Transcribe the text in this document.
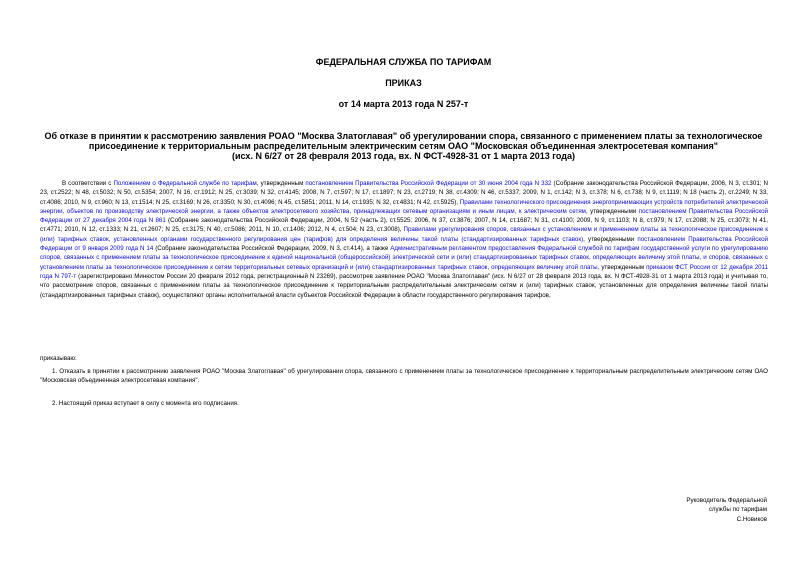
ФЕДЕРАЛЬНАЯ СЛУЖБА ПО ТАРИФАМ
ПРИКАЗ
от 14 марта 2013 года N 257-т
Об отказе в принятии к рассмотрению заявления РОАО "Москва Златоглавая" об урегулировании спора, связанного с применением платы за технологическое
присоединение к территориальным распределительным электрическим сетям ОАО "Московская объединенная электросетевая компания"
(исх. N 6/27 от 28 февраля 2013 года, вх. N ФСТ-4928-31 от 1 марта 2013 года)
В соответствии с Положением о Федеральной службе по тарифам, утвержденным постановлением Правительства Российской Федерации от 30 июня 2004 года N 332 (Собрание законодательства Российской Федерации, 2006, N 3, ст.301; N 23, ст.2522; N 48, ст.5032; N 50, ст.5354; 2007, N 16, ст.1912; N 25, ст.3039; N 32, ст.4145; 2008, N 7, ст.597; N 17, ст.1897; N 23, ст.2719; N 38, ст.4309; N 46, ст.5337; 2009, N 1, ст.142; N 3, ст.378; N 6, ст.738; N 9, ст.1119; N 18 (часть 2), ст.2249; N 33, ст.4086; 2010, N 9, ст.960; N 13, ст.1514; N 25, ст.3169; N 26, ст.3350; N 30, ст.4096; N 45, ст.5851; 2011, N 14, ст.1935; N 32, ст.4831; N 42, ст.5925), Правилами технологического присоединения энергопринимающих устройств потребителей электрической энергии, объектов по производству электрической энергии, а также объектов электросетевого хозяйства, принадлежащих сетевым организациям и иным лицам, к электрическим сетям, утвержденными постановлением Правительства Российской Федерации от 27 декабря 2004 года N 861 (Собрание законодательства Российской Федерации, 2004, N 52 (часть 2), ст.5525; 2006, N 37, ст.3876; 2007, N 14, ст.1687; N 31, ст.4100; 2009, N 9, ст.1103; N 8, ст.979; N 17, ст.2088; N 25, ст.3073; N 41, ст.4771; 2010, N 12, ст.1333; N 21, ст.2607; N 25, ст.3175; N 40, ст.5086; 2011, N 10, ст.1406; 2012, N 4, ст.504; N 23, ст.3008), Правилами урегулирования споров, связанных с установлением и применением платы за технологическое присоединение к (или) тарифных ставок, установленных органами государственного регулирования цен (тарифов) для определения величины такой платы (стандартизированных тарифных ставок), утвержденными постановлением Правительства Российской Федерации от 9 января 2009 года N 14 (Собрание законодательства Российской Федерации, 2009, N 3, ст.414), а также Административным регламентом предоставления Федеральной службой по тарифам государственной услуги по урегулированию споров, связанных с применением платы за технологическое присоединение к единой национальной (общероссийской) электрической сети и (или) стандартизированных тарифных ставок, определяющих величину этой платы, и споров, связанных с установлением платы за технологическое присоединение к сетям территориальных сетевых организаций и (или) стандартизированных тарифных ставок, определяющих величину этой платы, утвержденным приказом ФСТ России от 12 декабря 2011 года N 797-т (зарегистрировано Минюстом России 20 февраля 2012 года, регистрационный N 23269), рассмотрев заявление РОАО "Москва Златоглавая" (исх. N 6/27 от 28 февраля 2013 года, вх. N ФСТ-4928-31 от 1 марта 2013 года) и учитывая то, что рассмотрение споров, связанных с применением платы за технологическое присоединение к территориальным распределительным электрическим сетям и (или) тарифных ставок, установленных для определения величины такой платы (стандартизированных тарифных ставок), осуществляют органы исполнительной власти субъектов Российской Федерации в области государственного регулирования тарифов,
приказываю:
1. Отказать в принятии к рассмотрению заявления РОАО "Москва Златоглавая" об урегулировании спора, связанного с применением платы за технологическое присоединение к территориальным распределительным электрическим сетям ОАО "Московская объединенная электросетевая компания".
2. Настоящий приказ вступает в силу с момента его подписания.
Руководитель Федеральной
службы по тарифам
С.Новиков
